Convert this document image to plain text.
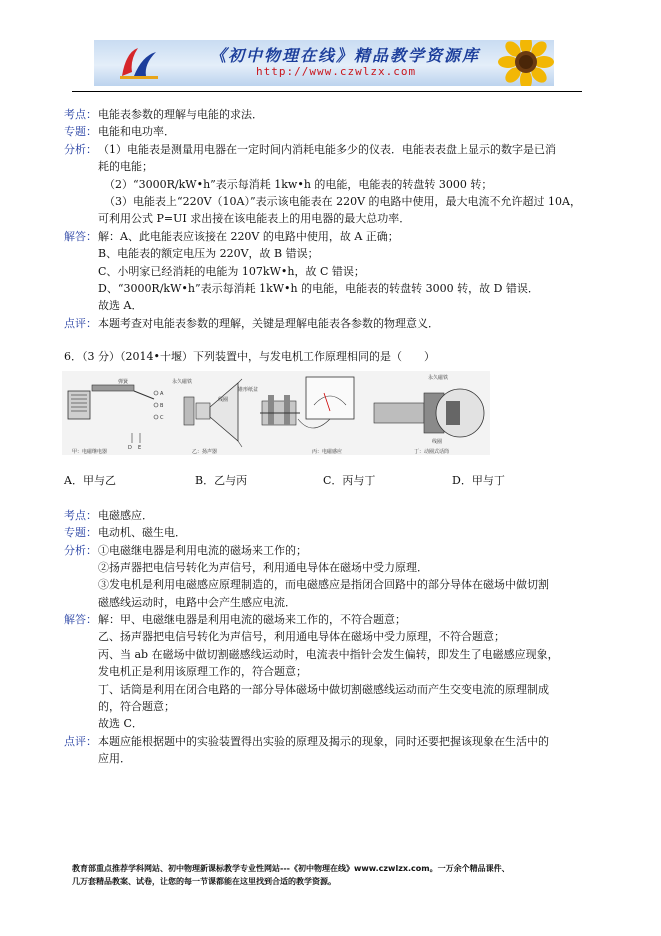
《初中物理在线》精品教学资源库
http://www.czwlzx.com
考点： 电能表参数的理解与电能的求法．
专题： 电能和电功率．
分析： （1）电能表是测量用电器在一定时间内消耗电能多少的仪表．电能表表盘上显示的数字是已消
耗的电能；
（2）“3000R/kW•h”表示每消耗 1kw•h 的电能，电能表的转盘转 3000 转；
（3）电能表上“220V（10A）”表示该电能表在 220V 的电路中使用，最大电流不允许超过 10A，
可利用公式 P=UI 求出接在该电能表上的用电器的最大总功率．
解答： 解：A、此电能表应该接在 220V 的电路中使用，故 A 正确；
B、电能表的额定电压为 220V，故 B 错误；
C、小明家已经消耗的电能为 107kW•h，故 C 错误；
D、“3000R/kW•h”表示每消耗 1kW•h 的电能，电能表的转盘转 3000 转，故 D 错误．
故选 A．
点评： 本题考查对电能表参数的理解，关键是理解电能表各参数的物理意义．
6．（3 分）（2014•十堰）下列装置中，与发电机工作原理相同的是（　　）
弹簧
A
B
C
D E
甲：电磁继电器
永久磁铁
锥形纸盆
线圈
乙：扬声器	丙：电磁感应
永久磁铁
线圈
丁：动圈式话筒
A．甲与乙	B．乙与丙	C．丙与丁	D．甲与丁
考点： 电磁感应．
专题： 电动机、磁生电．
分析： ①电磁继电器是利用电流的磁场来工作的；
②扬声器把电信号转化为声信号，利用通电导体在磁场中受力原理．
③发电机是利用电磁感应原理制造的，而电磁感应是指闭合回路中的部分导体在磁场中做切割
磁感线运动时，电路中会产生感应电流．
解答： 解：甲、电磁继电器是利用电流的磁场来工作的，不符合题意；
乙、扬声器把电信号转化为声信号，利用通电导体在磁场中受力原理，不符合题意；
丙、当 ab 在磁场中做切割磁感线运动时，电流表中指针会发生偏转，即发生了电磁感应现象，
发电机正是利用该原理工作的，符合题意；
丁、话筒是利用在闭合电路的一部分导体磁场中做切割磁感线运动而产生交变电流的原理制成
的，符合题意；
故选 C．
点评： 本题应能根据题中的实验装置得出实验的原理及揭示的现象，同时还要把握该现象在生活中的
应用．
教育部重点推荐学科网站、初中物理新课标教学专业性网站---《初中物理在线》www.czwlzx.com。一万余个精品课件、
几万套精品教案、试卷，让您的每一节课都能在这里找到合适的教学资源。
